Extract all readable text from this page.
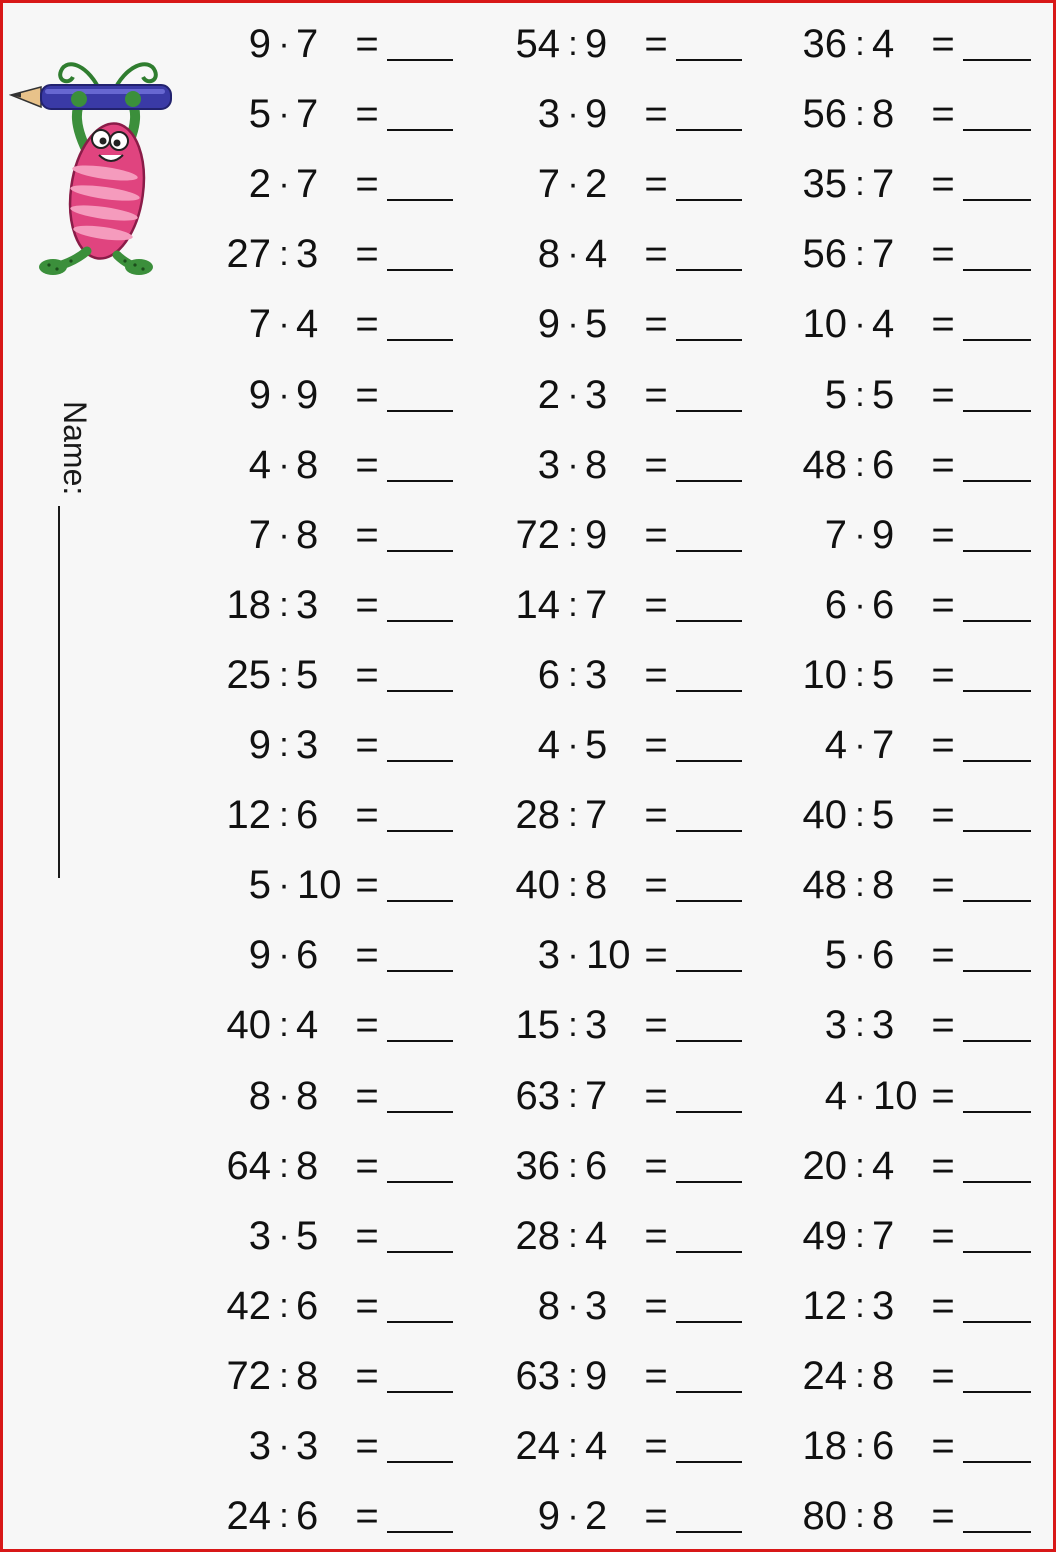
Name:
9 · 7 =
5 · 7 =
2 · 7 =
27 : 3 =
7 · 4 =
9 · 9 =
4 · 8 =
7 · 8 =
18 : 3 =
25 : 5 =
9 : 3 =
12 : 6 =
5 · 10 =
9 · 6 =
40 : 4 =
8 · 8 =
64 : 8 =
3 · 5 =
42 : 6 =
72 : 8 =
3 · 3 =
24 : 6 =
54 : 9 =
3 · 9 =
7 · 2 =
8 · 4 =
9 · 5 =
2 · 3 =
3 · 8 =
72 : 9 =
14 : 7 =
6 : 3 =
4 · 5 =
28 : 7 =
40 : 8 =
3 · 10 =
15 : 3 =
63 : 7 =
36 : 6 =
28 : 4 =
8 · 3 =
63 : 9 =
24 : 4 =
9 · 2 =
36 : 4 =
56 : 8 =
35 : 7 =
56 : 7 =
10 · 4 =
5 : 5 =
48 : 6 =
7 · 9 =
6 · 6 =
10 : 5 =
4 · 7 =
40 : 5 =
48 : 8 =
5 · 6 =
3 : 3 =
4 · 10 =
20 : 4 =
49 : 7 =
12 : 3 =
24 : 8 =
18 : 6 =
80 : 8 =
